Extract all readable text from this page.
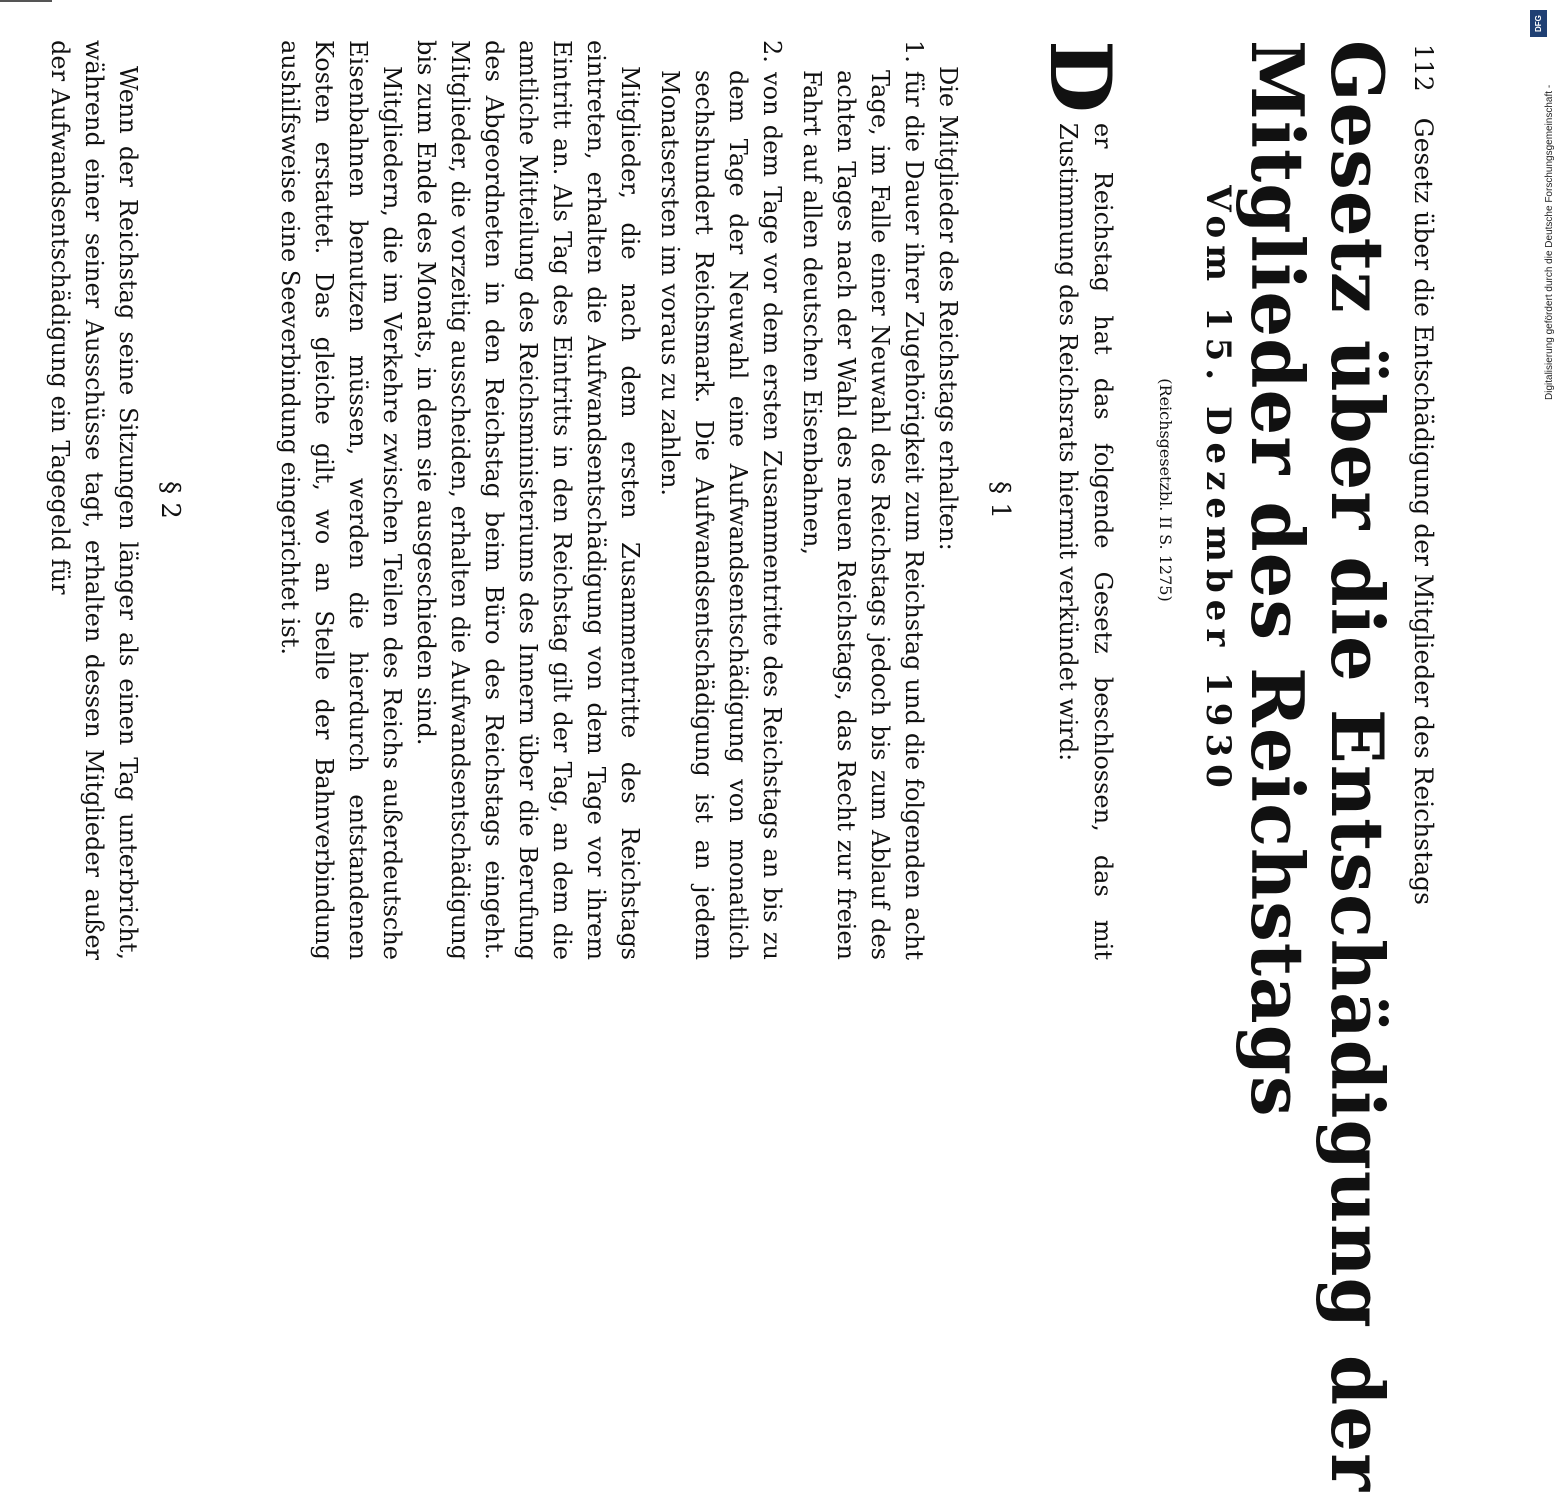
112Gesetz über die Entschädigung der Mitglieder des Reichstags
Gesetz über die Entschädigung der
Mitglieder des Reichstags
Vom 15. Dezember 1930
(Reichsgesetzbl. II S. 1275)
D
er Reichstag hat das folgende Gesetz beschlossen, das mit Zustimmung des Reichsrats hiermit verkündet wird:
§ 1

Die Mitglieder des Reichstags erhalten:

1. für die Dauer ihrer Zugehörigkeit zum Reichstag und die folgenden acht Tage, im Falle einer Neuwahl des Reichstags jedoch bis zum Ablauf des achten Tages nach der Wahl des neuen Reichstags, das Recht zur freien Fahrt auf allen deutschen Eisenbahnen,

2. von dem Tage vor dem ersten Zusammentritte des Reichstags an bis zu dem Tage der Neuwahl eine Aufwandsentschädigung von monatlich sechshundert Reichsmark. Die Aufwandsentschädigung ist an jedem Monatsersten im voraus zu zahlen.

Mitglieder, die nach dem ersten Zusammentritte des Reichstags eintreten, erhalten die Aufwandsentschädigung von dem Tage vor ihrem Eintritt an. Als Tag des Eintritts in den Reichstag gilt der Tag, an dem die amtliche Mitteilung des Reichsministeriums des Innern über die Berufung des Abgeordneten in den Reichstag beim Büro des Reichstags eingeht. Mitglieder, die vorzeitig ausscheiden, erhalten die Aufwandsentschädigung bis zum Ende des Monats, in dem sie ausgeschieden sind.

Mitgliedern, die im Verkehre zwischen Teilen des Reichs außerdeutsche Eisenbahnen benutzen müssen, werden die hierdurch entstandenen Kosten erstattet. Das gleiche gilt, wo an Stelle der Bahnverbindung aushilfsweise eine Seeverbindung eingerichtet ist.

§ 2

Wenn der Reichstag seine Sitzungen länger als einen Tag unterbricht, während einer seiner Ausschüsse tagt, erhalten dessen Mitglieder außer der Aufwandsentschädigung ein Tagegeld für

DFG
Digitalisierung gefördert durch die Deutsche Forschungsgemeinschaft -
